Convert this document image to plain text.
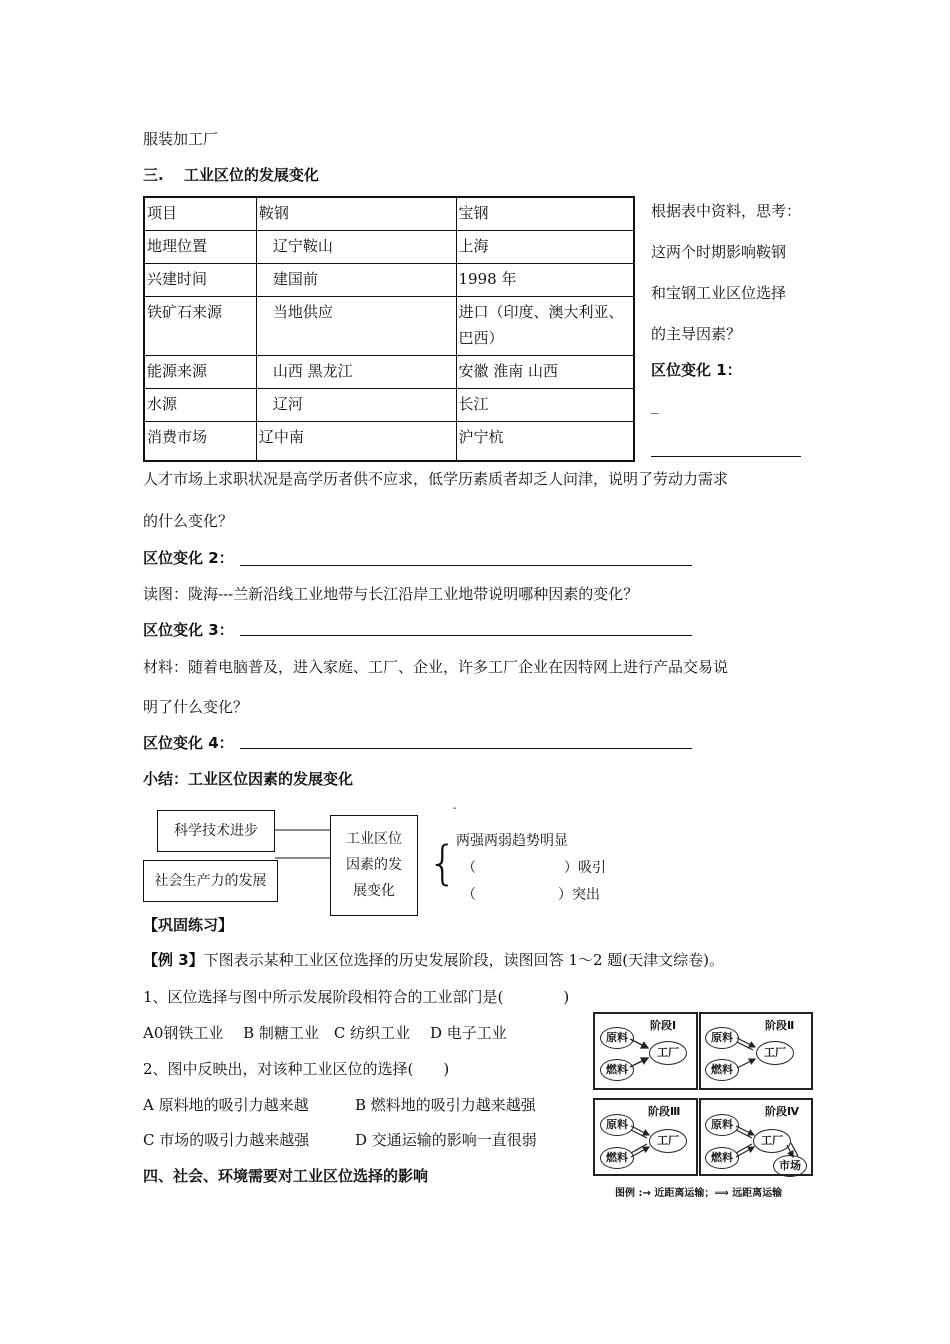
服装加工厂
三.　 工业区位的发展变化
项目	鞍钢	宝钢
地理位置	辽宁鞍山	上海
兴建时间	建国前	1998 年
铁矿石来源	当地供应	进口（印度、澳大利亚、巴西）
能源来源	山西 黑龙江	安徽 淮南 山西
水源	辽河	长江
消费市场	辽中南	沪宁杭
根据表中资料，思考：
这两个时期影响鞍钢
和宝钢工业区位选择
的主导因素？
区位变化 1：
_
人才市场上求职状况是高学历者供不应求，低学历素质者却乏人问津，说明了劳动力需求
的什么变化？
区位变化 2：
读图：陇海---兰新沿线工业地带与长江沿岸工业地带说明哪种因素的变化？
区位变化 3：
材料：随着电脑普及，进入家庭、工厂、企业，许多工厂企业在因特网上进行产品交易说
明了什么变化？
区位变化 4：
小结：工业区位因素的发展变化
科学技术进步
社会生产力的发展
工业区位
因素的发
展变化
{
-
两强两弱趋势明显
（	）吸引
（	）突出
【巩固练习】
【例 3】下图表示某种工业区位选择的历史发展阶段，读图回答 1～2 题(天津文综卷)。
1、区位选择与图中所示发展阶段相符合的工业部门是(　　　　)
A0钢铁工业　 B 制糖工业　C 纺织工业　 D 电子工业
2、图中反映出，对该种工业区位的选择(　　)
A 原料地的吸引力越来越	B 燃料地的吸引力越来越强
C 市场的吸引力越来越强	D 交通运输的影响一直很弱
四、社会、环境需要对工业区位选择的影响
阶段Ⅰ	阶段Ⅱ
阶段Ⅲ	阶段Ⅳ
原料
燃料
工厂
原料
燃料
工厂
原料
燃料
工厂
原料
燃料
工厂
市场
图例 :→ 近距离运输；⟹ 远距离运输
